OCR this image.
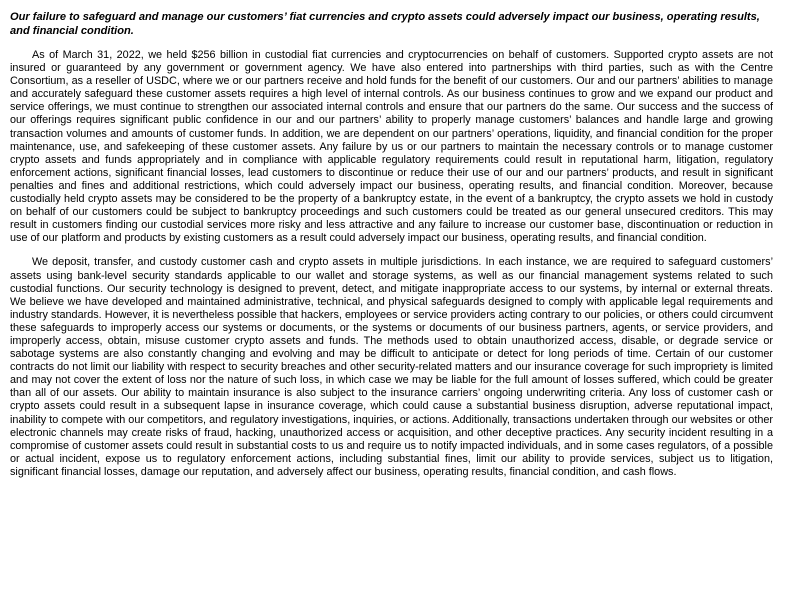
Our failure to safeguard and manage our customers’ fiat currencies and crypto assets could adversely impact our business, operating results, and financial condition.

As of March 31, 2022, we held $256 billion in custodial fiat currencies and cryptocurrencies on behalf of customers. Supported crypto assets are not insured or guaranteed by any government or government agency. We have also entered into partnerships with third parties, such as with the Centre Consortium, as a reseller of USDC, where we or our partners receive and hold funds for the benefit of our customers. Our and our partners’ abilities to manage and accurately safeguard these customer assets requires a high level of internal controls. As our business continues to grow and we expand our product and service offerings, we must continue to strengthen our associated internal controls and ensure that our partners do the same. Our success and the success of our offerings requires significant public confidence in our and our partners’ ability to properly manage customers’ balances and handle large and growing transaction volumes and amounts of customer funds. In addition, we are dependent on our partners’ operations, liquidity, and financial condition for the proper maintenance, use, and safekeeping of these customer assets. Any failure by us or our partners to maintain the necessary controls or to manage customer crypto assets and funds appropriately and in compliance with applicable regulatory requirements could result in reputational harm, litigation, regulatory enforcement actions, significant financial losses, lead customers to discontinue or reduce their use of our and our partners’ products, and result in significant penalties and fines and additional restrictions, which could adversely impact our business, operating results, and financial condition. Moreover, because custodially held crypto assets may be considered to be the property of a bankruptcy estate, in the event of a bankruptcy, the crypto assets we hold in custody on behalf of our customers could be subject to bankruptcy proceedings and such customers could be treated as our general unsecured creditors. This may result in customers finding our custodial services more risky and less attractive and any failure to increase our customer base, discontinuation or reduction in use of our platform and products by existing customers as a result could adversely impact our business, operating results, and financial condition.

We deposit, transfer, and custody customer cash and crypto assets in multiple jurisdictions. In each instance, we are required to safeguard customers’ assets using bank-level security standards applicable to our wallet and storage systems, as well as our financial management systems related to such custodial functions. Our security technology is designed to prevent, detect, and mitigate inappropriate access to our systems, by internal or external threats. We believe we have developed and maintained administrative, technical, and physical safeguards designed to comply with applicable legal requirements and industry standards. However, it is nevertheless possible that hackers, employees or service providers acting contrary to our policies, or others could circumvent these safeguards to improperly access our systems or documents, or the systems or documents of our business partners, agents, or service providers, and improperly access, obtain, misuse customer crypto assets and funds. The methods used to obtain unauthorized access, disable, or degrade service or sabotage systems are also constantly changing and evolving and may be difficult to anticipate or detect for long periods of time. Certain of our customer contracts do not limit our liability with respect to security breaches and other security-related matters and our insurance coverage for such impropriety is limited and may not cover the extent of loss nor the nature of such loss, in which case we may be liable for the full amount of losses suffered, which could be greater than all of our assets. Our ability to maintain insurance is also subject to the insurance carriers’ ongoing underwriting criteria. Any loss of customer cash or crypto assets could result in a subsequent lapse in insurance coverage, which could cause a substantial business disruption, adverse reputational impact, inability to compete with our competitors, and regulatory investigations, inquiries, or actions. Additionally, transactions undertaken through our websites or other electronic channels may create risks of fraud, hacking, unauthorized access or acquisition, and other deceptive practices. Any security incident resulting in a compromise of customer assets could result in substantial costs to us and require us to notify impacted individuals, and in some cases regulators, of a possible or actual incident, expose us to regulatory enforcement actions, including substantial fines, limit our ability to provide services, subject us to litigation, significant financial losses, damage our reputation, and adversely affect our business, operating results, financial condition, and cash flows.
